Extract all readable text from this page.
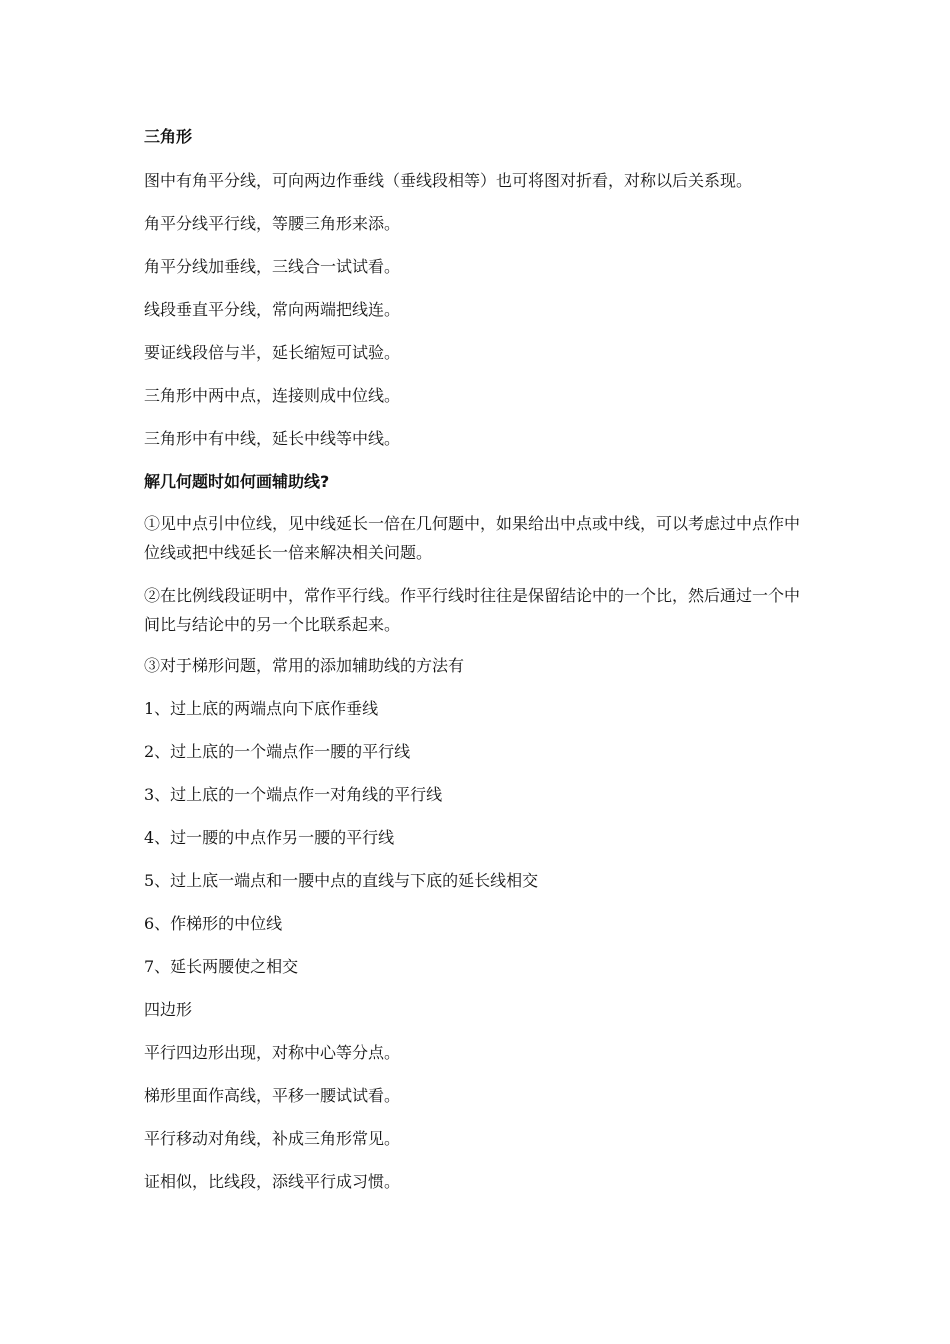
三角形

图中有角平分线，可向两边作垂线（垂线段相等）也可将图对折看，对称以后关系现。

角平分线平行线，等腰三角形来添。

角平分线加垂线，三线合一试试看。

线段垂直平分线，常向两端把线连。

要证线段倍与半，延长缩短可试验。

三角形中两中点，连接则成中位线。

三角形中有中线，延长中线等中线。

解几何题时如何画辅助线?

①见中点引中位线，见中线延长一倍在几何题中，如果给出中点或中线，可以考虑过中点作中位线或把中线延长一倍来解决相关问题。

②在比例线段证明中，常作平行线。作平行线时往往是保留结论中的一个比，然后通过一个中间比与结论中的另一个比联系起来。

③对于梯形问题，常用的添加辅助线的方法有

1、过上底的两端点向下底作垂线

2、过上底的一个端点作一腰的平行线

3、过上底的一个端点作一对角线的平行线

4、过一腰的中点作另一腰的平行线

5、过上底一端点和一腰中点的直线与下底的延长线相交

6、作梯形的中位线

7、延长两腰使之相交

四边形

平行四边形出现，对称中心等分点。

梯形里面作高线，平移一腰试试看。

平行移动对角线，补成三角形常见。

证相似，比线段，添线平行成习惯。
